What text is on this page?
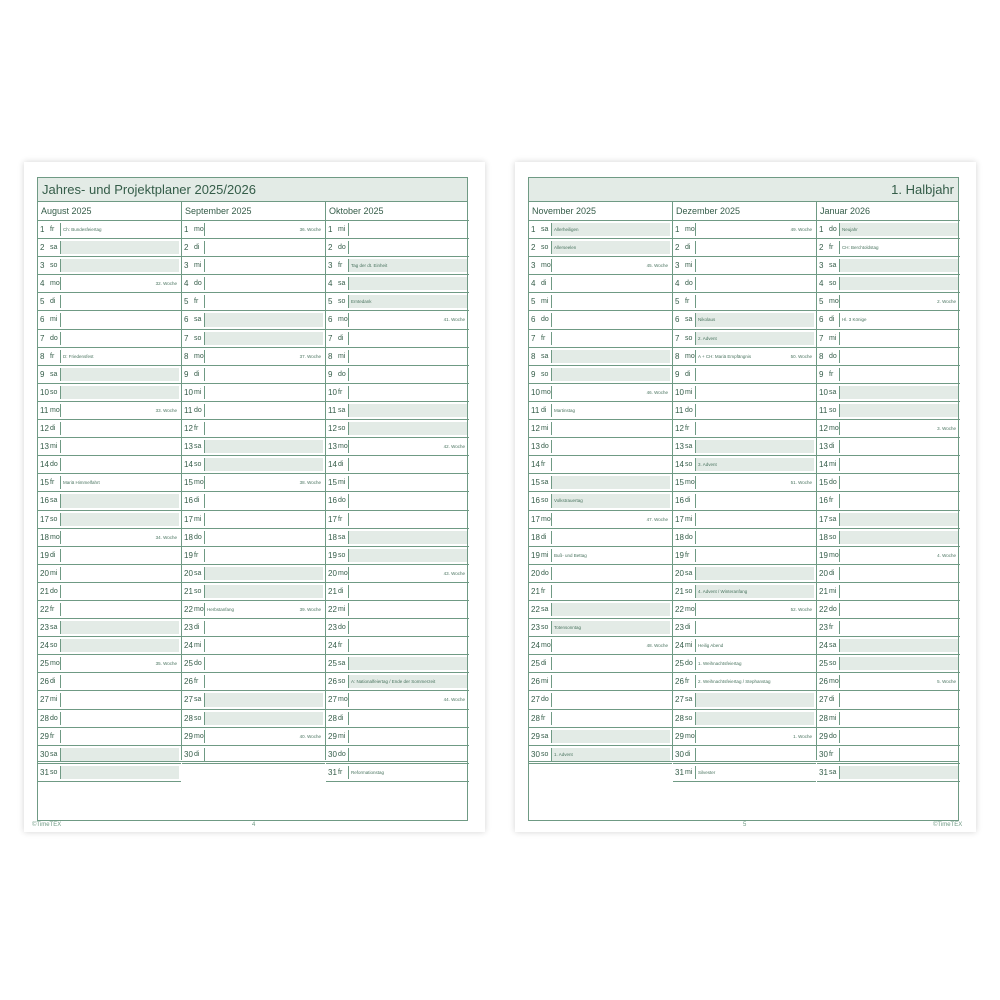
Jahres- und Projektplaner 2025/2026
August 2025
1 fr	Ch: Bundesfeiertag
2 sa
3 so
4 mo	32. Woche
5 di
6 mi
7 do
8 fr	D: Friedensfest
9 sa
10 so
11 mo	33. Woche
12 di
13 mi
14 do
15 fr	Mariä Himmelfahrt
16 sa
17 so
18 mo	34. Woche
19 di
20 mi
21 do
22 fr
23 sa
24 so
25 mo	35. Woche
26 di
27 mi
28 do
29 fr
30 sa
31 so
September 2025
1 mo	36. Woche
2 di
3 mi
4 do
5 fr
6 sa
7 so
8 mo	37. Woche
9 di
10 mi
11 do
12 fr
13 sa
14 so
15 mo	38. Woche
16 di
17 mi
18 do
19 fr
20 sa
21 so
22 mo Herbstanfang	39. Woche
23 di
24 mi
25 do
26 fr
27 sa
28 so
29 mo	40. Woche
30 di
Oktober 2025
1 mi
2 do
3 fr	Tag der dt. Einheit
4 sa
5 so	Erntedank
6 mo	41. Woche
7 di
8 mi
9 do
10 fr
11 sa
12 so
13 mo	42. Woche
14 di
15 mi
16 do
17 fr
18 sa
19 so
20 mo	43. Woche
21 di
22 mi
23 do
24 fr
25 sa
26 so	A: Nationalfeiertag / Ende der Sommerzeit
27 mo	44. Woche
28 di
29 mi
30 do
31 fr	Reformationstag
©TimeTEX	4
1. Halbjahr
November 2025
1 sa	Allerheiligen
2 so	Allerseelen
3 mo	45. Woche
4 di
5 mi
6 do
7 fr
8 sa
9 so
10 mo	46. Woche
11 di	Martinstag
12 mi
13 do
14 fr
15 sa
16 so	Volkstrauertag
17 mo	47. Woche
18 di
19 mi	Buß- und Bettag
20 do
21 fr
22 sa
23 so	Totensonntag
24 mo	48. Woche
25 di
26 mi
27 do
28 fr
29 sa
30 so	1. Advent
Dezember 2025
1 mo	49. Woche
2 di
3 mi
4 do
5 fr
6 sa	Nikolaus
7 so	2. Advent
8 mo A + CH: Mariä Empfängnis	50. Woche
9 di
10 mi
11 do
12 fr
13 sa
14 so	3. Advent
15 mo	51. Woche
16 di
17 mi
18 do
19 fr
20 sa
21 so	4. Advent / Winteranfang
22 mo	52. Woche
23 di
24 mi	Heilig Abend
25 do	1. Weihnachtsfeiertag
26 fr	2. Weihnachtsfeiertag / Stephanstag
27 sa
28 so
29 mo	1. Woche
30 di
31 mi	Silvester
Januar 2026
1 do	Neujahr
2 fr	CH: Berchtoldstag
3 sa
4 so
5 mo	2. Woche
6 di	Hl. 3 Könige
7 mi
8 do
9 fr
10 sa
11 so
12 mo	3. Woche
13 di
14 mi
15 do
16 fr
17 sa
18 so
19 mo	4. Woche
20 di
21 mi
22 do
23 fr
24 sa
25 so
26 mo	5. Woche
27 di
28 mi
29 do
30 fr
31 sa
5	©TimeTEX
